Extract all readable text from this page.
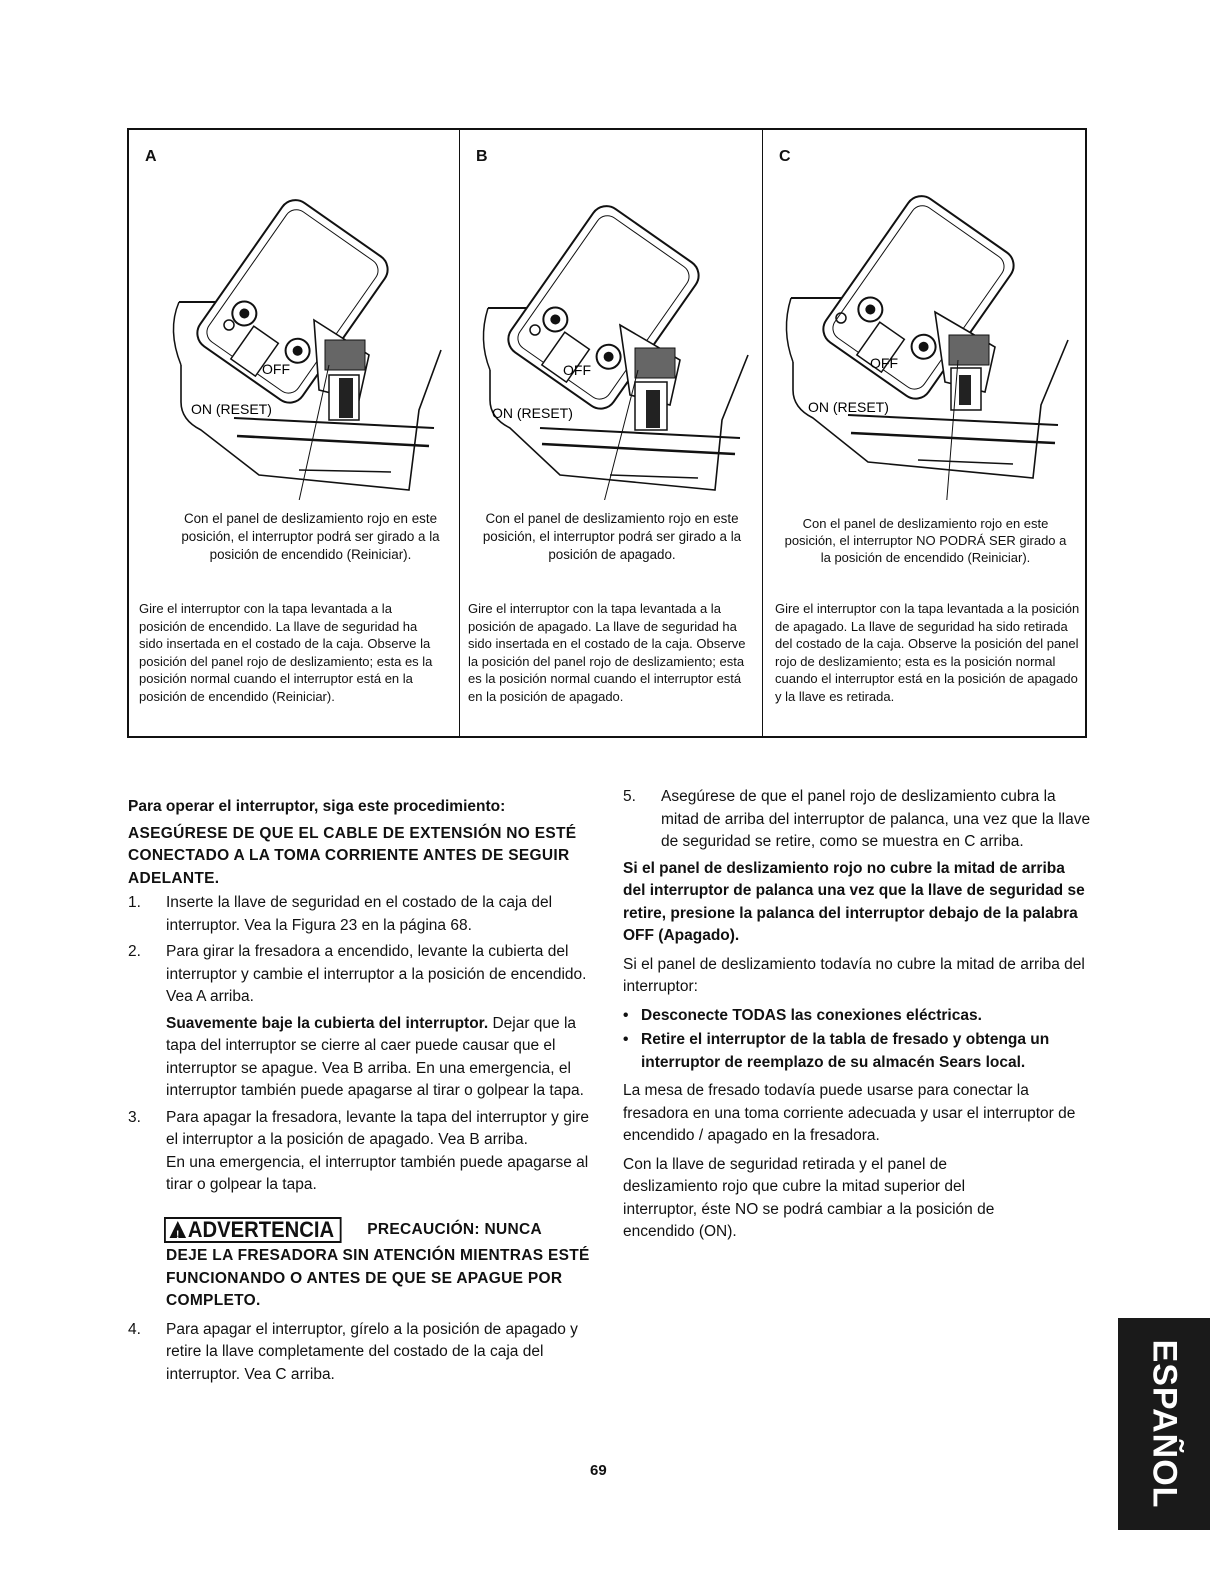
A
OFF
ON (RESET)
Con el panel de deslizamiento rojo en este posición, el interruptor podrá ser girado a la posición de encendido (Reiniciar).
Gire el interruptor con la tapa levantada a la posición de encendido. La llave de seguridad ha sido insertada en el costado de la caja. Observe la posición del panel rojo de deslizamiento; esta es la posición normal cuando el interruptor está en la posición de encendido (Reiniciar).
B
OFF
ON (RESET)
Con el panel de deslizamiento rojo en este posición, el interruptor podrá ser girado a la posición de apagado.
Gire el interruptor con la tapa levantada a la posición de apagado. La llave de seguridad ha sido insertada en el costado de la caja. Observe la posición del panel rojo de deslizamiento; esta es la posición normal cuando el interruptor está en la posición de apagado.
C
OFF
ON (RESET)
Con el panel de deslizamiento rojo en este posición, el interruptor NO PODRÁ SER girado a la posición de encendido (Reiniciar).
Gire el interruptor con la tapa levantada a la posición de apagado. La llave de seguridad ha sido retirada del costado de la caja. Observe la posición del panel rojo de deslizamiento; esta es la posición normal cuando el interruptor está en la posición de apagado y la llave es retirada.

Para operar el interruptor, siga este procedimiento:

ASEGÚRESE DE QUE EL CABLE DE EXTENSIÓN NO ESTÉ CONECTADO A LA TOMA CORRIENTE ANTES DE SEGUIR ADELANTE.

1. Inserte la llave de seguridad en el costado de la caja del interruptor. Vea la Figura 23 en la página 68.
2. Para girar la fresadora a encendido, levante la cubierta del interruptor y cambie el interruptor a la posición de encendido. Vea A arriba.
Suavemente baje la cubierta del interruptor. Dejar que la tapa del interruptor se cierre al caer puede causar que el interruptor se apague. Vea B arriba. En una emergencia, el interruptor también puede apagarse al tirar o golpear la tapa.
3. Para apagar la fresadora, levante la tapa del interruptor y gire el interruptor a la posición de apagado. Vea B arriba.
En una emergencia, el interruptor también puede apagarse al tirar o golpear la tapa.
! ADVERTENCIA PRECAUCIÓN: NUNCA

DEJE LA FRESADORA SIN ATENCIÓN MIENTRAS ESTÉ FUNCIONANDO O ANTES DE QUE SE APAGUE POR COMPLETO.

4. Para apagar el interruptor, gírelo a la posición de apagado y retire la llave completamente del costado de la caja del interruptor. Vea C arriba.
5. Asegúrese de que el panel rojo de deslizamiento cubra la mitad de arriba del interruptor de palanca, una vez que la llave de seguridad se retire, como se muestra en C arriba.

Si el panel de deslizamiento rojo no cubre la mitad de arriba del interruptor de palanca una vez que la llave de seguridad se retire, presione la palanca del interruptor debajo de la palabra OFF (Apagado).

Si el panel de deslizamiento todavía no cubre la mitad de arriba del interruptor:

• Desconecte TODAS las conexiones eléctricas.
• Retire el interruptor de la tabla de fresado y obtenga un interruptor de reemplazo de su almacén Sears local.

La mesa de fresado todavía puede usarse para conectar la fresadora en una toma corriente adecuada y usar el interruptor de encendido / apagado en la fresadora.

Con la llave de seguridad retirada y el panel de deslizamiento rojo que cubre la mitad superior del interruptor, éste NO se podrá cambiar a la posición de encendido (ON).

69	ESPAÑOL
